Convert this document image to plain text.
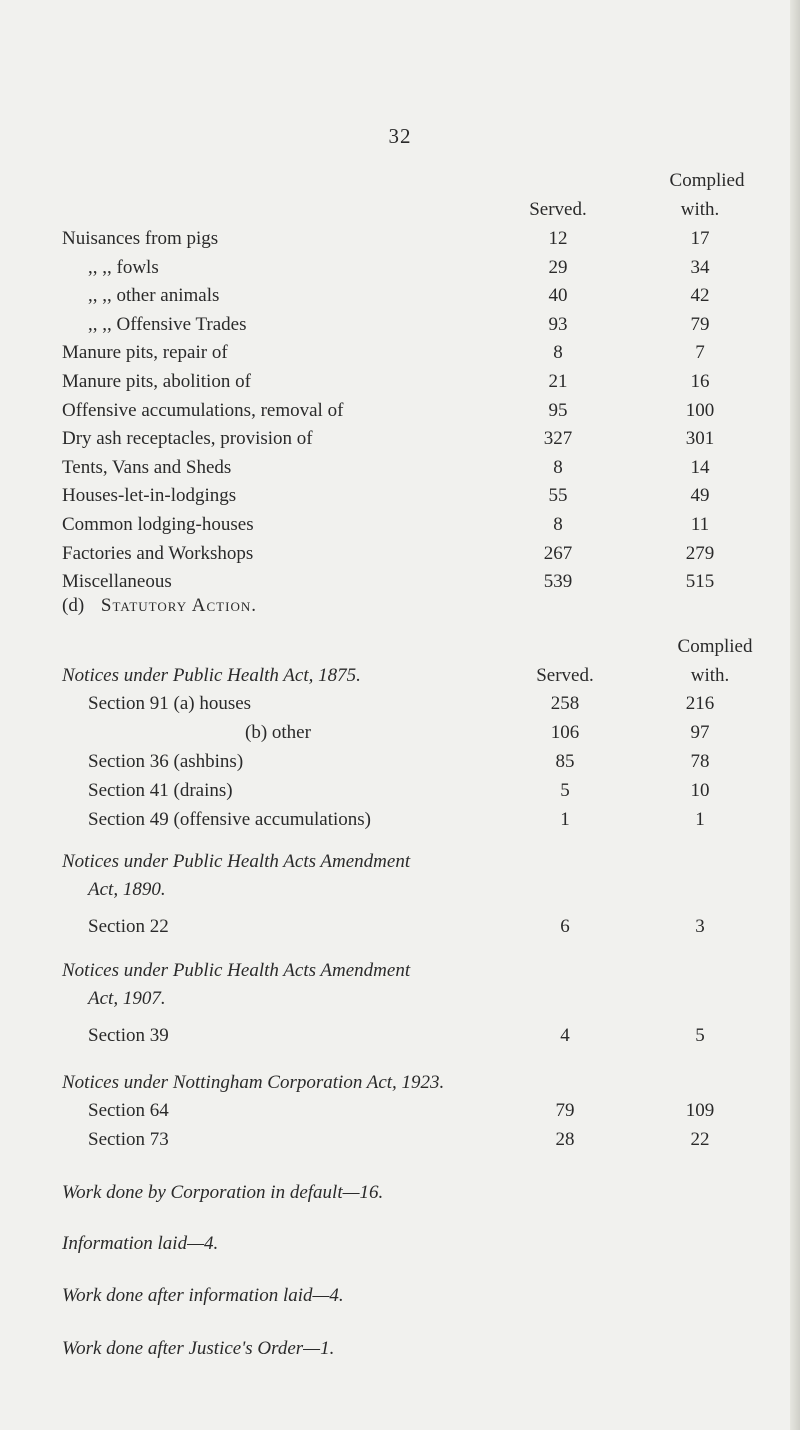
32
Complied
Served.	with.
Nuisances from pigs	12	17
,, ,, fowls	29	34
,, ,, other animals	40	42
,, ,, Offensive Trades	93	79
Manure pits, repair of	8	7
Manure pits, abolition of	21	16
Offensive accumulations, removal of	95	100
Dry ash receptacles, provision of	327	301
Tents, Vans and Sheds	8	14
Houses-let-in-lodgings	55	49
Common lodging-houses	8	11
Factories and Workshops	267	279
Miscellaneous	539	515
(d) Statutory Action.
Complied
Notices under Public Health Act, 1875.	Served.	with.
Section 91 (a) houses	258	216
(b) other	106	97
Section 36 (ashbins)	85	78
Section 41 (drains)	5	10
Section 49 (offensive accumulations)	1	1
Notices under Public Health Acts Amendment
Act, 1890.
Section 22	6	3
Notices under Public Health Acts Amendment
Act, 1907.
Section 39	4	5
Notices under Nottingham Corporation Act, 1923.
Section 64	79	109
Section 73	28	22
Work done by Corporation in default—16.
Information laid—4.
Work done after information laid—4.
Work done after Justice's Order—1.
